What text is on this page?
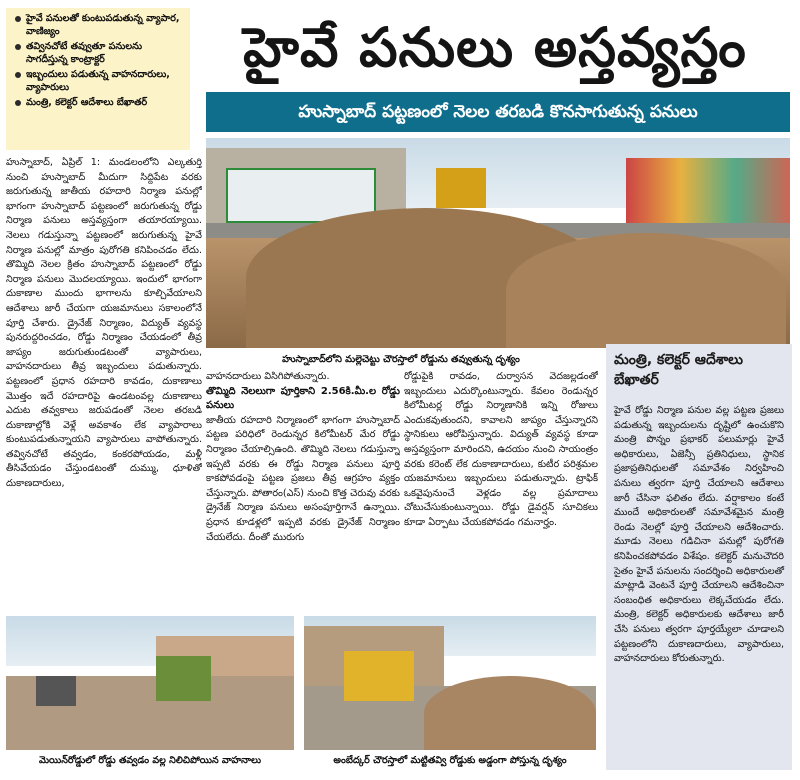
హైవే పనులతో కుంటుపడుతున్న వ్యాపార, వాణిజ్యం
తవ్వినచోటే తవ్వుతూ పనులను సాగదీస్తున్న కాంట్రాక్టర్
ఇబ్బందులు పడుతున్న వాహనదారులు, వ్యాపారులు
మంత్రి, కలెక్టర్ ఆదేశాలు బేఖాతర్
హైవే పనులు అస్తవ్యస్తం
హుస్నాబాద్ పట్టణంలో నెలల తరబడి కొనసాగుతున్న పనులు
హుస్నాబాద్‌లోని మల్లెచెట్టు చౌరస్తాలో రోడ్డును తవ్వుతున్న దృశ్యం

హుస్నాబాద్, ఏప్రిల్ 1: మండలంలోని ఎల్కతుర్తి నుంచి హుస్నాబాద్ మీదుగా సిద్దిపేట వరకు జరుగుతున్న జాతీయ రహదారి నిర్మాణ పనుల్లో భాగంగా హుస్నాబాద్ పట్టణంలో జరుగుతున్న రోడ్డు నిర్మాణ పనులు అస్తవ్యస్తంగా తయారయ్యాయి. నెలలు గడుస్తున్నా పట్టణంలో జరుగుతున్న హైవే నిర్మాణ పనుల్లో మాత్రం పురోగతి కనిపించడం లేదు. తొమ్మిది నెలల క్రితం హుస్నాబాద్ పట్టణంలో రోడ్డు నిర్మాణ పనులు మొదలయ్యాయి. ఇందులో భాగంగా దుకాణాల ముందు భాగాలను కూల్చివేయాలని ఆదేశాలు జారీ చేయగా యజమానులు సకాలంలోనే పూర్తి చేశారు. డ్రైనేజ్ నిర్మాణం, విద్యుత్ వ్యవస్థ పునరుద్దరించడం, రోడ్డు నిర్మాణం చేయడంలో తీవ్ర జాప్యం జరుగుతుండటంతో వ్యాపారులు, వాహనదారులు తీవ్ర ఇబ్బందులు పడుతున్నారు. పట్టణంలో ప్రధాన రహదారి కావడం, దుకాణాలు మొత్తం ఇదే రహదారిపై ఉండటంవల్ల దుకాణాలు ఎదుట తవ్వకాలు జరుపడంతో నెలల తరబడి దుకాణాల్లోకి వెళ్లే అవకాశం లేక వ్యాపారాలు కుంటుపడుతున్నాయని వ్యాపారులు వాపోతున్నారు. తవ్వినచోటే తవ్వడం, కంకరపోయడం, మళ్లీ తీసివేయడం చేస్తుండటంతో దుమ్ము, ధూళితో దుకాణదారులు,

వాహనదారులు విసిగిపోతున్నారు.

తొమ్మిది నెలలుగా పూర్తికాని 2.56కి.మీ.ల రోడ్డు పనులు

జాతీయ రహదారి నిర్మాణంలో భాగంగా హుస్నాబాద్ పట్టణ పరిధిలో రెండున్నర కిలోమీటర్ మేర రోడ్డు నిర్మాణం చేయాల్సిఉంది. తొమ్మిది నెలలు గడుస్తున్నా ఇప్పటి వరకు ఈ రోడ్డు నిర్మాణ పనులు పూర్తి కాకపోవడంపై పట్టణ ప్రజలు తీవ్ర ఆగ్రహం వ్యక్తం చేస్తున్నారు. పోతారం(ఎస్) నుంచి కొత్త చెరువు వరకు డ్రైనేజ్ నిర్మాణ పనులు అసంపూర్తిగానే ఉన్నాయి. ప్రధాన కూడళ్లలో ఇప్పటి వరకు డ్రైనేజ్ నిర్మాణం చేయలేదు. దీంతో మురుగు

రోడ్డుపైకి రావడం, దుర్వాసన వెదజల్లడంతో ఇబ్బందులు ఎదుర్కొంటున్నారు. కేవలం రెండున్నర కిలోమీటర్ల రోడ్డు నిర్మాణానికి ఇన్ని రోజులు ఎందుకవుతుందని, కావాలని జాప్యం చేస్తున్నారని స్థానికులు ఆరోపిస్తున్నారు. విద్యుత్ వ్యవస్థ కూడా అస్తవ్యస్తంగా మారిందని, ఉదయం నుంచి సాయంత్రం వరకు కరెంట్ లేక దుకాణాదారులు, కుటీర పరిశ్రమల యజమానులు ఇబ్బందులు పడుతున్నారు. ట్రాఫిక్ ఒకవైపునుంచే వెళ్లడం వల్ల ప్రమాదాలు చోటుచేసుకుంటున్నాయి. రోడ్డు డైవర్షన్ సూచికలు కూడా ఏర్పాటు చేయకపోవడం గమనార్హం.

మంత్రి, కలెక్టర్ ఆదేశాలు బేఖాతర్

హైవే రోడ్డు నిర్మాణ పనుల వల్ల పట్టణ ప్రజలు పడుతున్న ఇబ్బందులను దృష్టిలో ఉంచుకొని మంత్రి పొన్నం ప్రభాకర్ పలుమార్లు హైవే అధికారులు, ఏజెన్సీ ప్రతినిధులు, స్థానిక ప్రజాప్రతినిధులతో సమావేశం నిర్వహించి పనులు త్వరగా పూర్తి చేయాలని ఆదేశాలు జారీ చేసినా ఫలితం లేదు. వర్షాకాలం కంటే ముందే అధికారులతో సమావేశమైన మంత్రి రెండు నెలల్లో పూర్తి చేయాలని ఆదేశించారు. మూడు నెలలు గడిచినా పనుల్లో పురోగతి కనిపించకపోవడం విశేషం. కలెక్టర్ మనుచౌదరి సైతం హైవే పనులను సందర్శించి అధికారులతో మాట్లాడి వెంటనే పూర్తి చేయాలని ఆదేశించినా సంబంధిత అధికారులు లెక్కచేయడం లేదు. మంత్రి, కలెక్టర్ అధికారులకు ఆదేశాలు జారీ చేసి పనులు త్వరగా పూర్తయ్యేలా చూడాలని పట్టణంలోని దుకాణదారులు, వ్యాపారులు, వాహనదారులు కోరుతున్నారు.

మెయిన్‌రోడ్డులో రోడ్డు తవ్వడం వల్ల నిలిచిపోయిన వాహనాలు	అంబేద్కర్ చౌరస్తాలో మట్టితవ్వి రోడ్డుకు అడ్డంగా పోస్తున్న దృశ్యం
